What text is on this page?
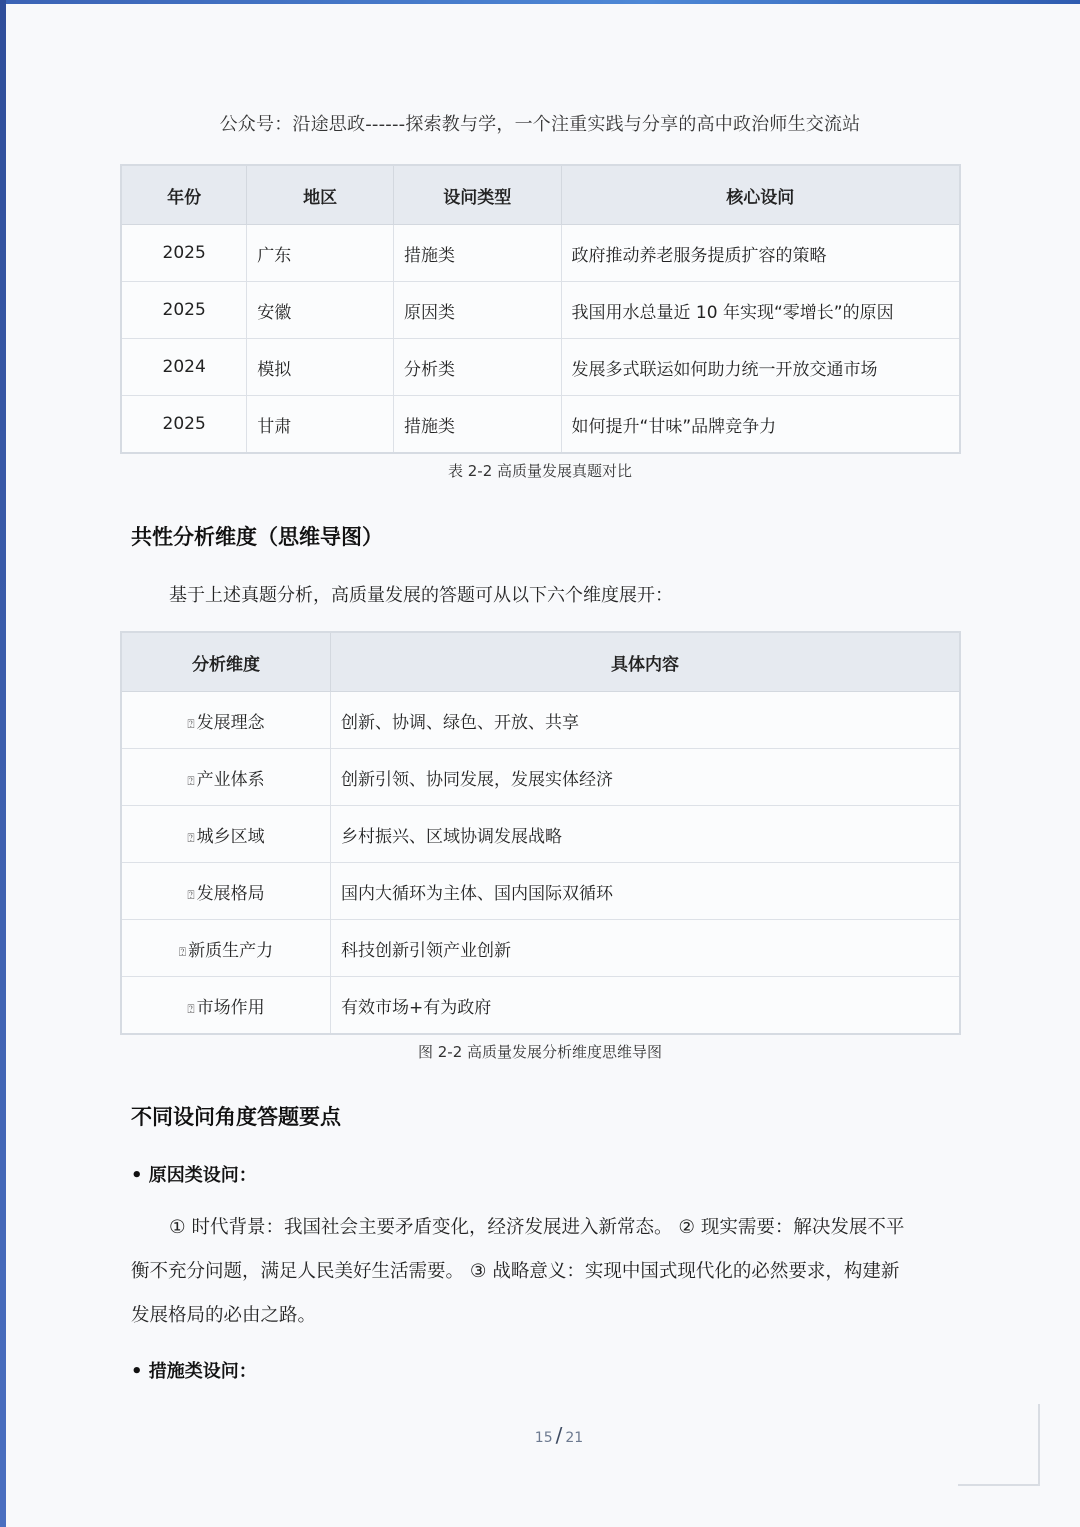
公众号：沿途思政------探索教与学，一个注重实践与分享的高中政治师生交流站
年份	地区	设问类型	核心设问
2025	广东	措施类	政府推动养老服务提质扩容的策略
2025	安徽	原因类	我国用水总量近 10 年实现“零增长”的原因
2024	模拟	分析类	发展多式联运如何助力统一开放交通市场
2025	甘肃	措施类	如何提升“甘味”品牌竞争力
表 2-2 高质量发展真题对比
共性分析维度（思维导图）
基于上述真题分析，高质量发展的答题可从以下六个维度展开：
分析维度	具体内容
⍰ 发展理念	创新、协调、绿色、开放、共享
⍰ 产业体系	创新引领、协同发展，发展实体经济
⍰ 城乡区域	乡村振兴、区域协调发展战略
⍰ 发展格局	国内大循环为主体、国内国际双循环
⍰ 新质生产力	科技创新引领产业创新
⍰ 市场作用	有效市场+有为政府
图 2-2 高质量发展分析维度思维导图
不同设问角度答题要点
• 原因类设问：
① 时代背景：我国社会主要矛盾变化，经济发展进入新常态。 ② 现实需要：解决发展不平
衡不充分问题，满足人民美好生活需要。 ③ 战略意义：实现中国式现代化的必然要求，构建新
发展格局的必由之路。
• 措施类设问：
15 / 21
